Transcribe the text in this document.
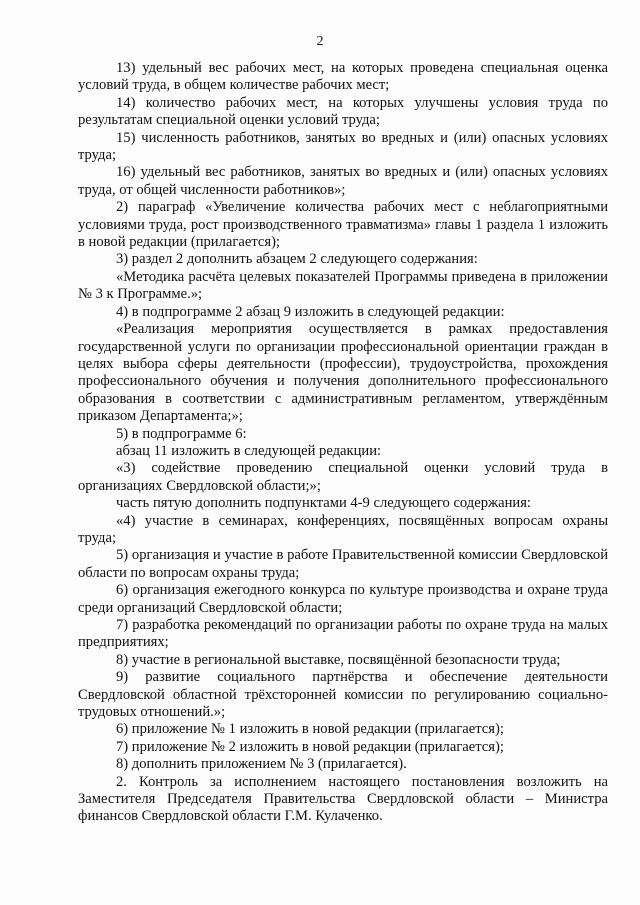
2

13) удельный вес рабочих мест, на которых проведена специальная оценка условий труда, в общем количестве рабочих мест;

14) количество рабочих мест, на которых улучшены условия труда по результатам специальной оценки условий труда;

15) численность работников, занятых во вредных и (или) опасных условиях труда;

16) удельный вес работников, занятых во вредных и (или) опасных условиях труда, от общей численности работников»;

2) параграф «Увеличение количества рабочих мест с неблагоприятными условиями труда, рост производственного травматизма» главы 1 раздела 1 изложить в новой редакции (прилагается);

3) раздел 2 дополнить абзацем 2 следующего содержания:

«Методика расчёта целевых показателей Программы приведена в приложении № 3 к Программе.»;

4) в подпрограмме 2 абзац 9 изложить в следующей редакции:

«Реализация мероприятия осуществляется в рамках предоставления государственной услуги по организации профессиональной ориентации граждан в целях выбора сферы деятельности (профессии), трудоустройства, прохождения профессионального обучения и получения дополнительного профессионального образования в соответствии с административным регламентом, утверждённым приказом Департамента;»;

5) в подпрограмме 6:

абзац 11 изложить в следующей редакции:

«3) содействие проведению специальной оценки условий труда в организациях Свердловской области;»;

часть пятую дополнить подпунктами 4-9 следующего содержания:

«4) участие в семинарах, конференциях, посвящённых вопросам охраны труда;

5) организация и участие в работе Правительственной комиссии Свердловской области по вопросам охраны труда;

6) организация ежегодного конкурса по культуре производства и охране труда среди организаций Свердловской области;

7) разработка рекомендаций по организации работы по охране труда на малых предприятиях;

8) участие в региональной выставке, посвящённой безопасности труда;

9) развитие социального партнёрства и обеспечение деятельности Свердловской областной трёхсторонней комиссии по регулированию социально-трудовых отношений.»;

6) приложение № 1 изложить в новой редакции (прилагается);

7) приложение № 2 изложить в новой редакции (прилагается);

8) дополнить приложением № 3 (прилагается).

2. Контроль за исполнением настоящего постановления возложить на Заместителя Председателя Правительства Свердловской области – Министра финансов Свердловской области Г.М. Кулаченко.
